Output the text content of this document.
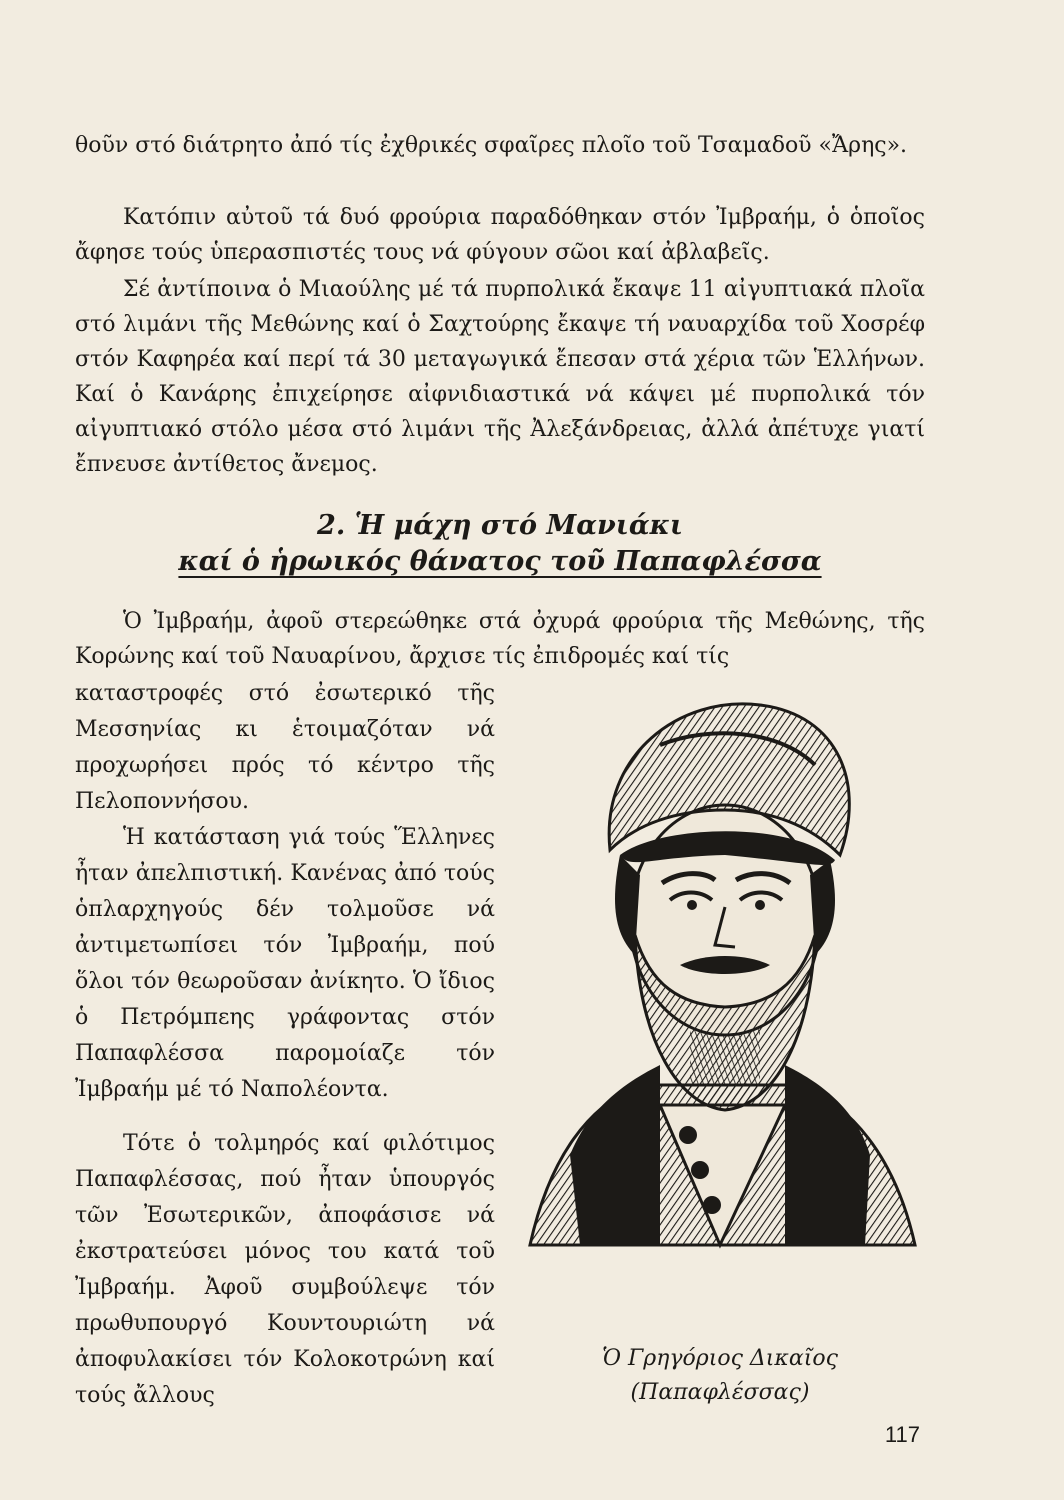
θοῦν στό διάτρητο ἀπό τίς ἐχθρικές σφαῖρες πλοῖο τοῦ Τσαμαδοῦ «Ἄρης».

Κατόπιν αὐτοῦ τά δυό φρούρια παραδόθηκαν στόν Ἰμβραήμ, ὁ ὁποῖος ἄφησε τούς ὑπερασπιστές τους νά φύγουν σῶοι καί ἀβλαβεῖς.

Σέ ἀντίποινα ὁ Μιαούλης μέ τά πυρπολικά ἔκαψε 11 αἰγυπτιακά πλοῖα στό λιμάνι τῆς Μεθώνης καί ὁ Σαχτούρης ἔκαψε τή ναυαρχίδα τοῦ Χοσρέφ στόν Καφηρέα καί περί τά 30 μεταγωγικά ἔπεσαν στά χέρια τῶν Ἑλλήνων. Καί ὁ Κανάρης ἐπιχείρησε αἰφνιδιαστικά νά κάψει μέ πυρπολικά τόν αἰγυπτιακό στόλο μέσα στό λιμάνι τῆς Ἀλεξάνδρειας, ἀλλά ἀπέτυχε γιατί ἔπνευσε ἀντίθετος ἄνεμος.

2. Ἡ μάχη στό Μανιάκι
καί ὁ ἡρωικός θάνατος τοῦ Παπαφλέσσα

Ὁ Ἰμβραήμ, ἀφοῦ στερεώθηκε στά ὀχυρά φρούρια τῆς Μεθώνης, τῆς Κορώνης καί τοῦ Ναυαρίνου, ἄρχισε τίς ἐπιδρομές καί τίς

καταστροφές στό ἐσωτερικό τῆς Μεσσηνίας κι ἑτοιμαζόταν νά προχωρήσει πρός τό κέντρο τῆς Πελοποννήσου.

Ἡ κατάσταση γιά τούς Ἕλληνες ἦταν ἀπελπιστική. Κανένας ἀπό τούς ὁπλαρχηγούς δέν τολμοῦσε νά ἀντιμετωπίσει τόν Ἰμβραήμ, πού ὅλοι τόν θεωροῦσαν ἀνίκητο. Ὁ ἴδιος ὁ Πετρόμπεης γράφοντας στόν Παπαφλέσσα παρομοίαζε τόν Ἰμβραήμ μέ τό Ναπολέοντα.

Τότε ὁ τολμηρός καί φιλότιμος Παπαφλέσσας, πού ἦταν ὑπουργός τῶν Ἐσωτερικῶν, ἀποφάσισε νά ἐκστρατεύσει μόνος του κατά τοῦ Ἰμβραήμ. Ἀφοῦ συμβούλεψε τόν πρωθυπουργό Κουντουριώτη νά ἀποφυλακίσει τόν Κολοκοτρώνη καί τούς ἄλλους

Ὁ Γρηγόριος Δικαῖος
(Παπαφλέσσας)

117
